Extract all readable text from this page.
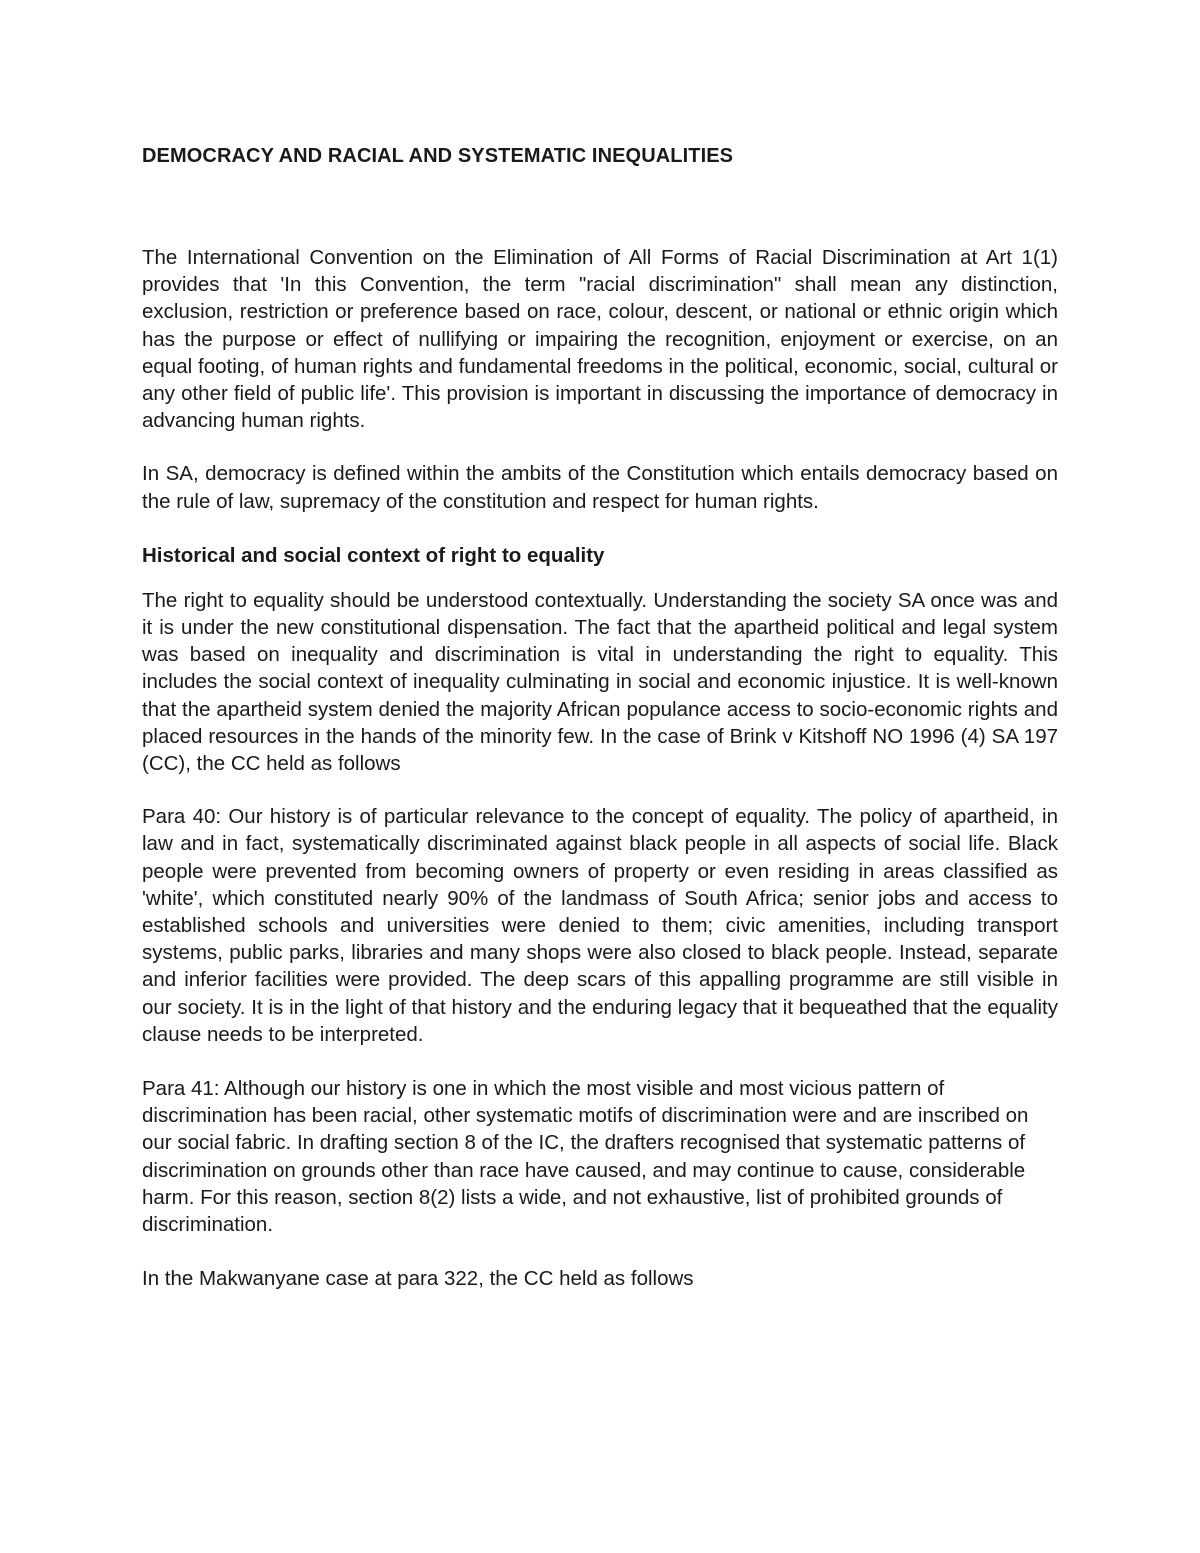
DEMOCRACY AND RACIAL AND SYSTEMATIC INEQUALITIES

The International Convention on the Elimination of All Forms of Racial Discrimination at Art 1(1) provides that 'In this Convention, the term "racial discrimination" shall mean any distinction, exclusion, restriction or preference based on race, colour, descent, or national or ethnic origin which has the purpose or effect of nullifying or impairing the recognition, enjoyment or exercise, on an equal footing, of human rights and fundamental freedoms in the political, economic, social, cultural or any other field of public life'. This provision is important in discussing the importance of democracy in advancing human rights.

In SA, democracy is defined within the ambits of the Constitution which entails democracy based on the rule of law, supremacy of the constitution and respect for human rights.

Historical and social context of right to equality

The right to equality should be understood contextually. Understanding the society SA once was and it is under the new constitutional dispensation. The fact that the apartheid political and legal system was based on inequality and discrimination is vital in understanding the right to equality. This includes the social context of inequality culminating in social and economic injustice. It is well-known that the apartheid system denied the majority African populance access to socio-economic rights and placed resources in the hands of the minority few. In the case of Brink v Kitshoff NO 1996 (4) SA 197 (CC), the CC held as follows

Para 40: Our history is of particular relevance to the concept of equality. The policy of apartheid, in law and in fact, systematically discriminated against black people in all aspects of social life. Black people were prevented from becoming owners of property or even residing in areas classified as 'white', which constituted nearly 90% of the landmass of South Africa; senior jobs and access to established schools and universities were denied to them; civic amenities, including transport systems, public parks, libraries and many shops were also closed to black people. Instead, separate and inferior facilities were provided. The deep scars of this appalling programme are still visible in our society. It is in the light of that history and the enduring legacy that it bequeathed that the equality clause needs to be interpreted.

Para 41: Although our history is one in which the most visible and most vicious pattern of discrimination has been racial, other systematic motifs of discrimination were and are inscribed on our social fabric. In drafting section 8 of the IC, the drafters recognised that systematic patterns of discrimination on grounds other than race have caused, and may continue to cause, considerable harm. For this reason, section 8(2) lists a wide, and not exhaustive, list of prohibited grounds of discrimination.

In the Makwanyane case at para 322, the CC held as follows
